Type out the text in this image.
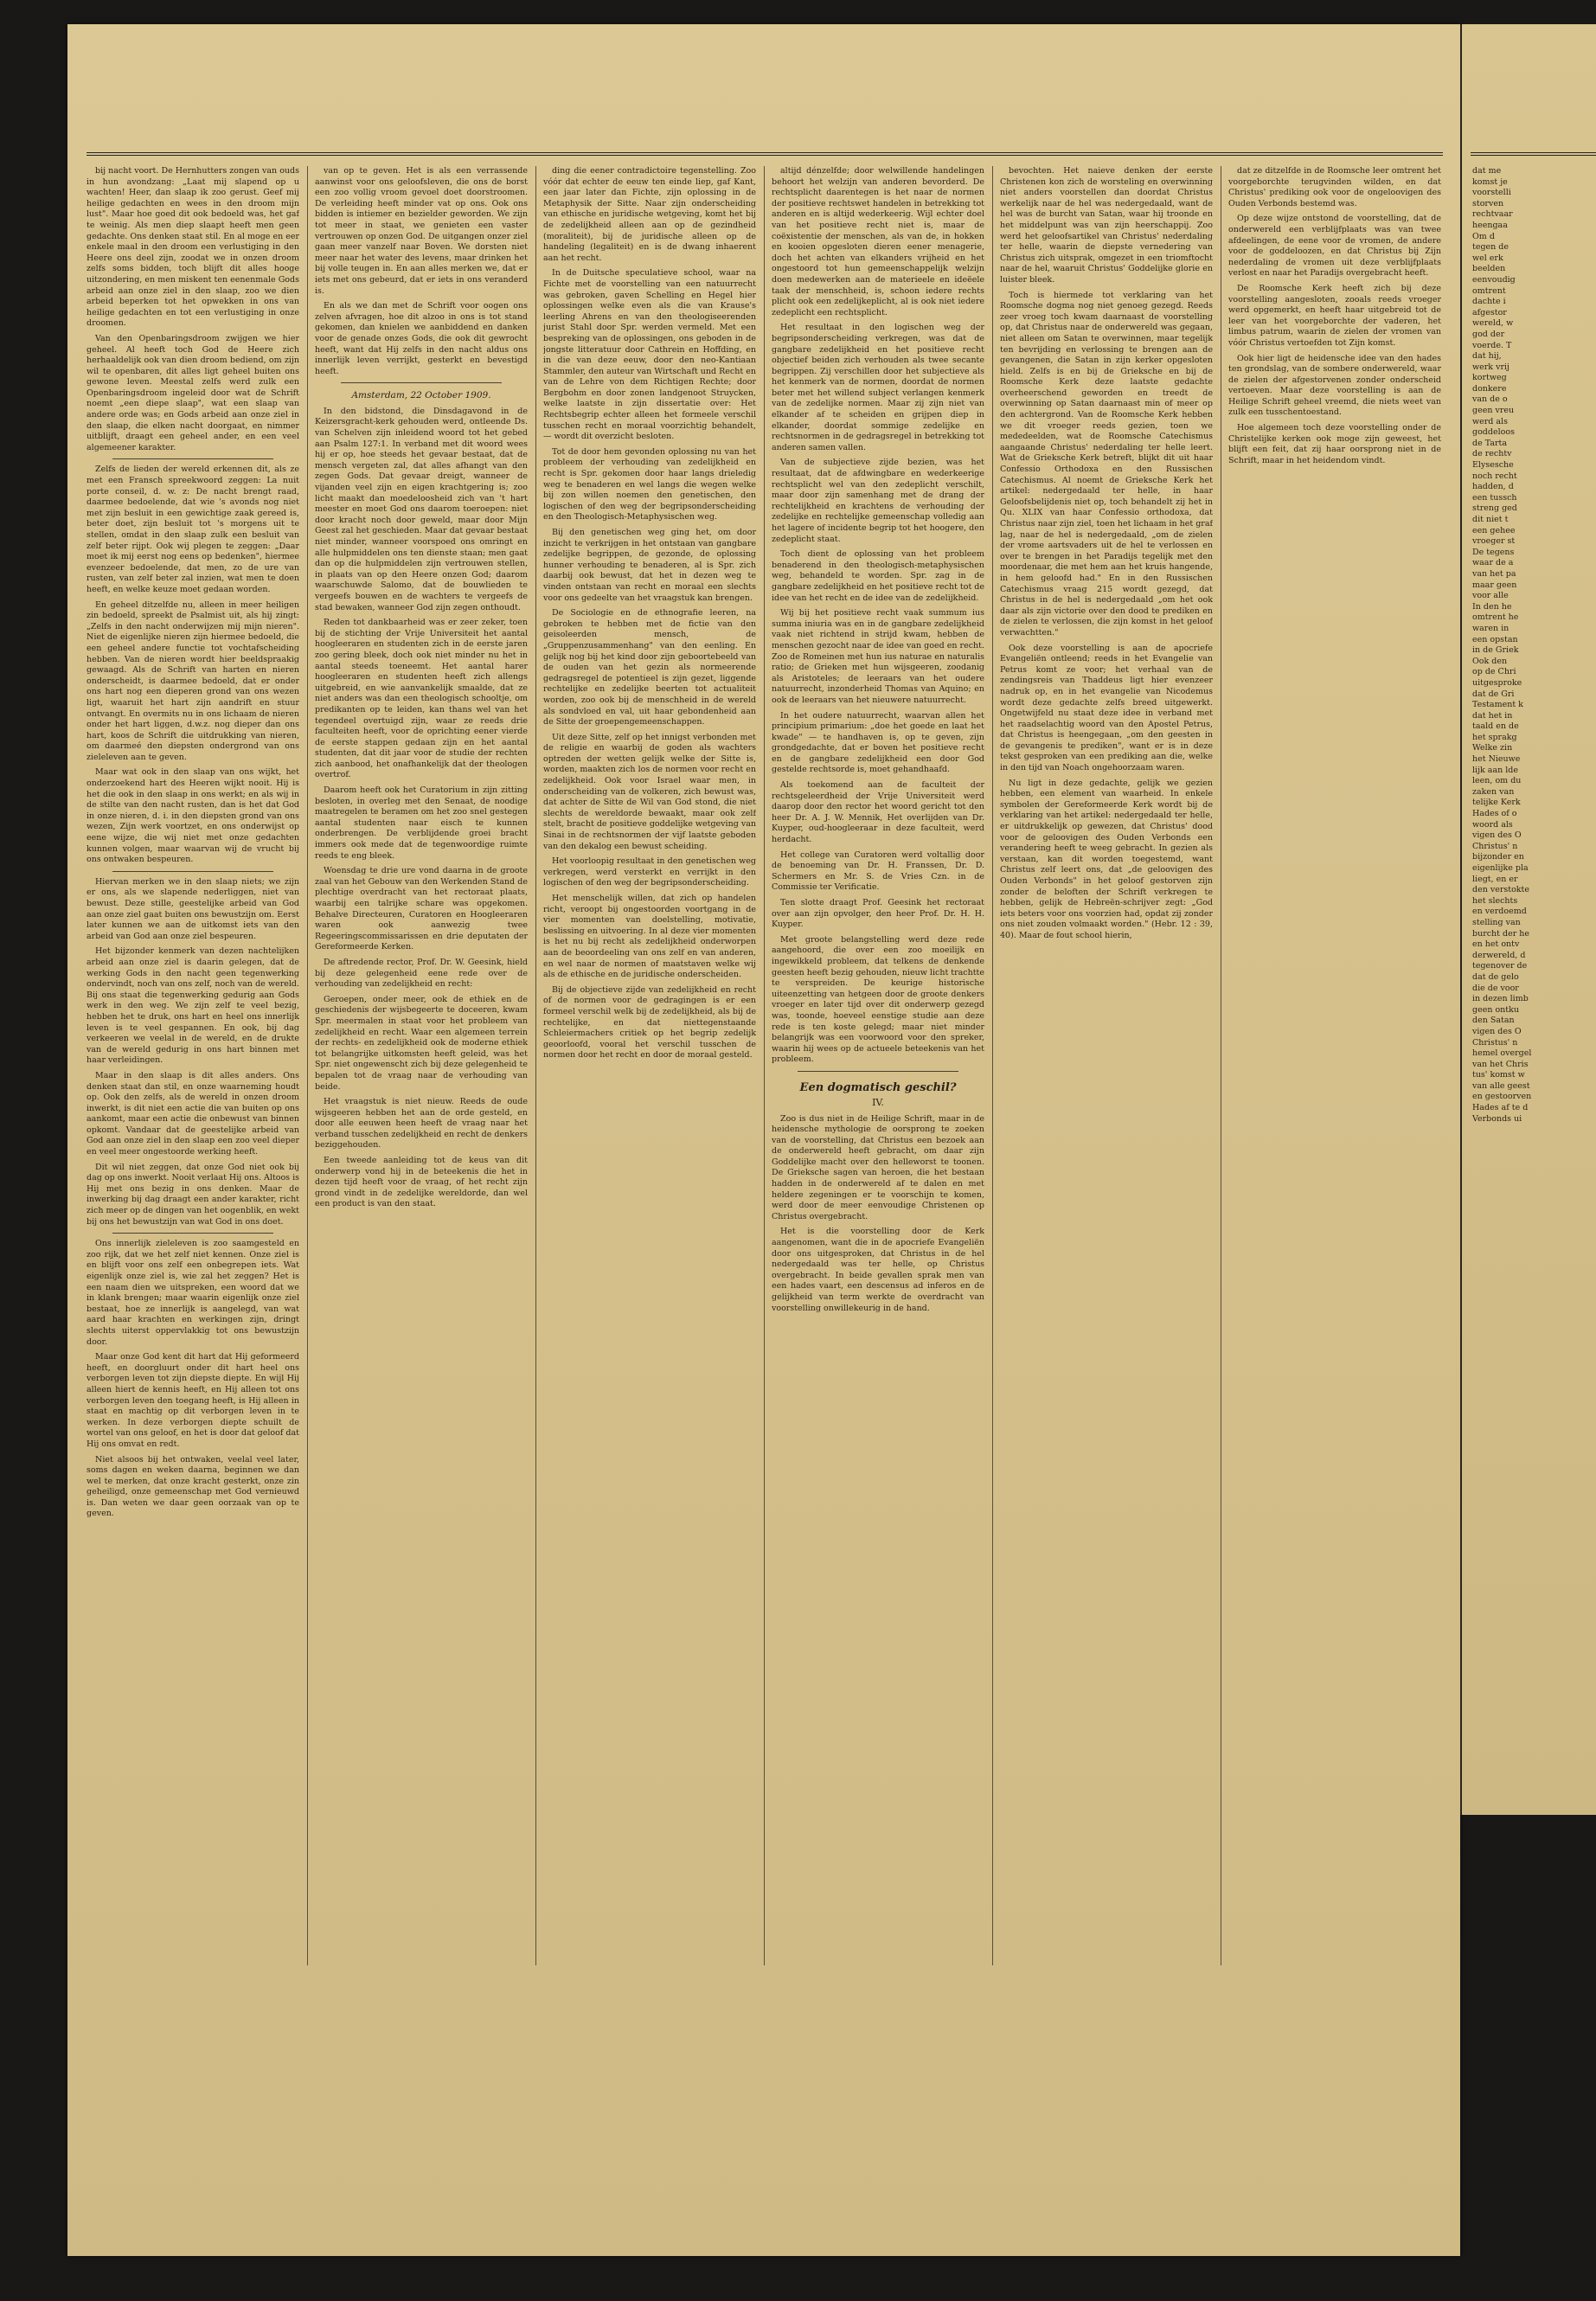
bij nacht voort. De Hernhutters zongen van ouds in hun avondzang: „Laat mij slapend op u wachten! Heer, dan slaap ik zoo gerust. Geef mij heilige gedachten en wees in den droom mijn lust". Maar hoe goed dit ook bedoeld was, het gaf te weinig. Als men diep slaapt heeft men geen gedachte. Ons denken staat stil. En al moge en eer enkele maal in den droom een verlustiging in den Heere ons deel zijn, zoodat we in onzen droom zelfs soms bidden, toch blijft dit alles hooge uitzondering, en men miskent ten eenenmale Gods arbeid aan onze ziel in den slaap, zoo we dien arbeid beperken tot het opwekken in ons van heilige gedachten en tot een verlustiging in onze droomen.

Van den Openbaringsdroom zwijgen we hier geheel. Al heeft toch God de Heere zich herhaaldelijk ook van dien droom bediend, om zijn wil te openbaren, dit alles ligt geheel buiten ons gewone leven. Meestal zelfs werd zulk een Openbaringsdroom ingeleid door wat de Schrift noemt „een diepe slaap", wat een slaap van andere orde was; en Gods arbeid aan onze ziel in den slaap, die elken nacht doorgaat, en nimmer uitblijft, draagt een geheel ander, en een veel algemeener karakter.

Zelfs de lieden der wereld erkennen dit, als ze met een Fransch spreekwoord zeggen: La nuit porte conseil, d. w. z: De nacht brengt raad, daarmee bedoelende, dat wie 's avonds nog niet met zijn besluit in een gewichtige zaak gereed is, beter doet, zijn besluit tot 's morgens uit te stellen, omdat in den slaap zulk een besluit van zelf beter rijpt. Ook wij plegen te zeggen: „Daar moet ik mij eerst nog eens op bedenken", hiermee evenzeer bedoelende, dat men, zo de ure van rusten, van zelf beter zal inzien, wat men te doen heeft, en welke keuze moet gedaan worden.

En geheel ditzelfde nu, alleen in meer heiligen zin bedoeld, spreekt de Psalmist uit, als hij zingt: „Zelfs in den nacht onderwijzen mij mijn nieren". Niet de eigenlijke nieren zijn hiermee bedoeld, die een geheel andere functie tot vochtafscheiding hebben. Van de nieren wordt hier beeldspraakig gewaagd. Als de Schrift van harten en nieren onderscheidt, is daarmee bedoeld, dat er onder ons hart nog een dieperen grond van ons wezen ligt, waaruit het hart zijn aandrift en stuur ontvangt. En overmits nu in ons lichaam de nieren onder het hart liggen, d.w.z. nog dieper dan ons hart, koos de Schrift die uitdrukking van nieren, om daarmeé den diepsten ondergrond van ons zieleleven aan te geven.

Maar wat ook in den slaap van ons wijkt, het onderzoekend hart des Heeren wijkt nooit. Hij is het die ook in den slaap in ons werkt; en als wij in de stilte van den nacht rusten, dan is het dat God in onze nieren, d. i. in den diepsten grond van ons wezen, Zijn werk voortzet, en ons onderwijst op eene wijze, die wij niet met onze gedachten kunnen volgen, maar waarvan wij de vrucht bij ons ontwaken bespeuren.

Hiervan merken we in den slaap niets; we zijn er ons, als we slapende nederliggen, niet van bewust. Deze stille, geestelijke arbeid van God aan onze ziel gaat buiten ons bewustzijn om. Eerst later kunnen we aan de uitkomst iets van den arbeid van God aan onze ziel bespeuren.

Het bijzonder kenmerk van dezen nachtelijken arbeid aan onze ziel is daarin gelegen, dat de werking Gods in den nacht geen tegenwerking ondervindt, noch van ons zelf, noch van de wereld. Bij ons staat die tegenwerking gedurig aan Gods werk in den weg. We zijn zelf te veel bezig, hebben het te druk, ons hart en heel ons innerlijk leven is te veel gespannen. En ook, bij dag verkeeren we veelal in de wereld, en de drukte van de wereld gedurig in ons hart binnen met haar verleidingen.

Maar in den slaap is dit alles anders. Ons denken staat dan stil, en onze waarneming houdt op. Ook den zelfs, als de wereld in onzen droom inwerkt, is dit niet een actie die van buiten op ons aankomt, maar een actie die onbewust van binnen opkomt. Vandaar dat de geestelijke arbeid van God aan onze ziel in den slaap een zoo veel dieper en veel meer ongestoorde werking heeft.

Dit wil niet zeggen, dat onze God niet ook bij dag op ons inwerkt. Nooit verlaat Hij ons. Altoos is Hij met ons bezig in ons denken. Maar de inwerking bij dag draagt een ander karakter, richt zich meer op de dingen van het oogenblik, en wekt bij ons het bewustzijn van wat God in ons doet.

Ons innerlijk zieleleven is zoo saamgesteld en zoo rijk, dat we het zelf niet kennen. Onze ziel is en blijft voor ons zelf een onbegrepen iets. Wat eigenlijk onze ziel is, wie zal het zeggen? Het is een naam dien we uitspreken, een woord dat we in klank brengen; maar waarin eigenlijk onze ziel bestaat, hoe ze innerlijk is aangelegd, van wat aard haar krachten en werkingen zijn, dringt slechts uiterst oppervlakkig tot ons bewustzijn door.

Maar onze God kent dit hart dat Hij geformeerd heeft, en doorgluurt onder dit hart heel ons verborgen leven tot zijn diepste diepte. En wijl Hij alleen hiert de kennis heeft, en Hij alleen tot ons verborgen leven den toegang heeft, is Hij alleen in staat en machtig op dit verborgen leven in te werken. In deze verborgen diepte schuilt de wortel van ons geloof, en het is door dat geloof dat Hij ons omvat en redt.

Niet alsoos bij het ontwaken, veelal veel later, soms dagen en weken daarna, beginnen we dan wel te merken, dat onze kracht gesterkt, onze zin geheiligd, onze gemeenschap met God vernieuwd is. Dan weten we daar geen oorzaak van op te geven.

van op te geven. Het is als een verrassende aanwinst voor ons geloofsleven, die ons de borst een zoo vollig vroom gevoel doet doorstroomen. De verleiding heeft minder vat op ons. Ook ons bidden is intiemer en bezielder geworden. We zijn tot meer in staat, we genieten een vaster vertrouwen op onzen God. De uitgangen onzer ziel gaan meer vanzelf naar Boven. We dorsten niet meer naar het water des levens, maar drinken het bij volle teugen in. En aan alles merken we, dat er iets met ons gebeurd, dat er iets in ons veranderd is.

En als we dan met de Schrift voor oogen ons zelven afvragen, hoe dit alzoo in ons is tot stand gekomen, dan knielen we aanbiddend en danken voor de genade onzes Gods, die ook dit gewrocht heeft, want dat Hij zelfs in den nacht aldus ons innerlijk leven verrijkt, gesterkt en bevestigd heeft.

Amsterdam, 22 October 1909.

In den bidstond, die Dinsdagavond in de Keizersgracht-kerk gehouden werd, ontleende Ds. van Schelven zijn inleidend woord tot het gebed aan Psalm 127:1. In verband met dit woord wees hij er op, hoe steeds het gevaar bestaat, dat de mensch vergeten zal, dat alles afhangt van den zegen Gods. Dat gevaar dreigt, wanneer de vijanden veel zijn en eigen krachtgering is; zoo licht maakt dan moedeloosheid zich van 't hart meester en moet God ons daarom toeroepen: niet door kracht noch door geweld, maar door Mijn Geest zal het geschieden. Maar dat gevaar bestaat niet minder, wanneer voorspoed ons omringt en alle hulpmiddelen ons ten dienste staan; men gaat dan op die hulpmiddelen zijn vertrouwen stellen, in plaats van op den Heere onzen God; daarom waarschuwde Salomo, dat de bouwlieden te vergeefs bouwen en de wachters te vergeefs de stad bewaken, wanneer God zijn zegen onthoudt.

Reden tot dankbaarheid was er zeer zeker, toen bij de stichting der Vrije Universiteit het aantal hoogleeraren en studenten zich in de eerste jaren zoo gering bleek, doch ook niet minder nu het in aantal steeds toeneemt. Het aantal harer hoogleeraren en studenten heeft zich allengs uitgebreid, en wie aanvankelijk smaalde, dat ze niet anders was dan een theologisch schooltje, om predikanten op te leiden, kan thans wel van het tegendeel overtuigd zijn, waar ze reeds drie faculteiten heeft, voor de oprichting eener vierde de eerste stappen gedaan zijn en het aantal studenten, dat dit jaar voor de studie der rechten zich aanbood, het onafhankelijk dat der theologen overtrof.

Daarom heeft ook het Curatorium in zijn zitting besloten, in overleg met den Senaat, de noodige maatregelen te beramen om het zoo snel gestegen aantal studenten naar eisch te kunnen onderbrengen. De verblijdende groei bracht immers ook mede dat de tegenwoordige ruimte reeds te eng bleek.

Woensdag te drie ure vond daarna in de groote zaal van het Gebouw van den Werkenden Stand de plechtige overdracht van het rectoraat plaats, waarbij een talrijke schare was opgekomen. Behalve Directeuren, Curatoren en Hoogleeraren waren ook aanwezig twee Regeeringscommissarissen en drie deputaten der Gereformeerde Kerken.

De aftredende rector, Prof. Dr. W. Geesink, hield bij deze gelegenheid eene rede over de verhouding van zedelijkheid en recht:

Geroepen, onder meer, ook de ethiek en de geschiedenis der wijsbegeerte te doceeren, kwam Spr. meermalen in staat voor het probleem van zedelijkheid en recht. Waar een algemeen terrein der rechts- en zedelijkheid ook de moderne ethiek tot belangrijke uitkomsten heeft geleid, was het Spr. niet ongewenscht zich bij deze gelegenheid te bepalen tot de vraag naar de verhouding van beide.

Het vraagstuk is niet nieuw. Reeds de oude wijsgeeren hebben het aan de orde gesteld, en door alle eeuwen heen heeft de vraag naar het verband tusschen zedelijkheid en recht de denkers beziggehouden.

Een tweede aanleiding tot de keus van dit onderwerp vond hij in de beteekenis die het in dezen tijd heeft voor de vraag, of het recht zijn grond vindt in de zedelijke wereldorde, dan wel een product is van den staat.

ding die eener contradictoire tegenstelling. Zoo vóór dat echter de eeuw ten einde liep, gaf Kant, een jaar later dan Fichte, zijn oplossing in de Metaphysik der Sitte. Naar zijn onderscheiding van ethische en juridische wetgeving, komt het bij de zedelijkheid alleen aan op de gezindheid (moraliteit), bij de juridische alleen op de handeling (legaliteit) en is de dwang inhaerent aan het recht.

In de Duitsche speculatieve school, waar na Fichte met de voorstelling van een natuurrecht was gebroken, gaven Schelling en Hegel hier oplossingen welke even als die van Krause's leerling Ahrens en van den theologiseerenden jurist Stahl door Spr. werden vermeld. Met een bespreking van de oplossingen, ons geboden in de jongste litteratuur door Cathrein en Hoffding, en in die van deze eeuw, door den neo-Kantiaan Stammler, den auteur van Wirtschaft und Recht en van de Lehre von dem Richtigen Rechte; door Bergbohm en door zonen landgenoot Struycken, welke laatste in zijn dissertatie over: Het Rechtsbegrip echter alleen het formeele verschil tusschen recht en moraal voorzichtig behandelt, — wordt dit overzicht besloten.

Tot de door hem gevonden oplossing nu van het probleem der verhouding van zedelijkheid en recht is Spr. gekomen door haar langs drieledig weg te benaderen en wel langs die wegen welke bij zon willen noemen den genetischen, den logischen of den weg der begripsonderscheiding en den Theologisch-Metaphysischen weg.

Bij den genetischen weg ging het, om door inzicht te verkrijgen in het ontstaan van gangbare zedelijke begrippen, de gezonde, de oplossing hunner verhouding te benaderen, al is Spr. zich daarbij ook bewust, dat het in dezen weg te vinden ontstaan van recht en moraal een slechts voor ons gedeelte van het vraagstuk kan brengen.

De Sociologie en de ethnografie leeren, na gebroken te hebben met de fictie van den geisoleerden mensch, de „Gruppenzusammenhang" van den eenling. En gelijk nog bij het kind door zijn geboortebeeld van de ouden van het gezin als normeerende gedragsregel de potentieel is zijn gezet, liggende rechtelijke en zedelijke beerten tot actualiteit worden, zoo ook bij de menschheid in de wereld als sondvloed en val, uit haar gebondenheid aan de Sitte der groepengemeenschappen.

Uit deze Sitte, zelf op het innigst verbonden met de religie en waarbij de goden als wachters optreden der wetten gelijk welke der Sitte is, worden, maakten zich los de normen voor recht en zedelijkheid. Ook voor Israel waar men, in onderscheiding van de volkeren, zich bewust was, dat achter de Sitte de Wil van God stond, die niet slechts de wereldorde bewaakt, maar ook zelf stelt, bracht de positieve goddelijke wetgeving van Sinai in de rechtsnormen der vijf laatste geboden van den dekalog een bewust scheiding.

Het voorloopig resultaat in den genetischen weg verkregen, werd versterkt en verrijkt in den logischen of den weg der begripsonderscheiding.

Het menschelijk willen, dat zich op handelen richt, veroopt bij ongestoorden voortgang in de vier momenten van doelstelling, motivatie, beslissing en uitvoering. In al deze vier momenten is het nu bij recht als zedelijkheid onderworpen aan de beoordeeling van ons zelf en van anderen, en wel naar de normen of maatstaven welke wij als de ethische en de juridische onderscheiden.

Bij de objectieve zijde van zedelijkheid en recht of de normen voor de gedragingen is er een formeel verschil welk bij de zedelijkheid, als bij de rechtelijke, en dat niettegenstaande Schleiermachers critiek op het begrip zedelijk geoorloofd, vooral het verschil tusschen de normen door het recht en door de moraal gesteld.

altijd dénzelfde; door welwillende handelingen behoort het welzijn van anderen bevorderd. De rechtsplicht daarentegen is het naar de normen der positieve rechtswet handelen in betrekking tot anderen en is altijd wederkeerig. Wijl echter doel van het positieve recht niet is, maar de coëxistentie der menschen, als van de, in hokken en kooien opgesloten dieren eener menagerie, doch het achten van elkanders vrijheid en het ongestoord tot hun gemeenschappelijk welzijn doen medewerken aan de materieele en ideëele taak der menschheid, is, schoon iedere rechts plicht ook een zedelijkeplicht, al is ook niet iedere zedeplicht een rechtsplicht.

Het resultaat in den logischen weg der begripsonderscheiding verkregen, was dat de gangbare zedelijkheid en het positieve recht objectief beiden zich verhouden als twee secante begrippen. Zij verschillen door het subjectieve als het kenmerk van de normen, doordat de normen beter met het willend subject verlangen kenmerk van de zedelijke normen. Maar zij zijn niet van elkander af te scheiden en grijpen diep in elkander, doordat sommige zedelijke en rechtsnormen in de gedragsregel in betrekking tot anderen samen vallen.

Van de subjectieve zijde bezien, was het resultaat, dat de afdwingbare en wederkeerige rechtsplicht wel van den zedeplicht verschilt, maar door zijn samenhang met de drang der rechtelijkheid en krachtens de verhouding der zedelijke en rechtelijke gemeenschap volledig aan het lagere of incidente begrip tot het hoogere, den zedeplicht staat.

Toch dient de oplossing van het probleem benaderend in den theologisch-metaphysischen weg, behandeld te worden. Spr. zag in de gangbare zedelijkheid en het positieve recht tot de idee van het recht en de idee van de zedelijkheid.

Wij bij het positieve recht vaak summum ius summa iniuria was en in de gangbare zedelijkheid vaak niet richtend in strijd kwam, hebben de menschen gezocht naar de idee van goed en recht. Zoo de Romeinen met hun ius naturae en naturalis ratio; de Grieken met hun wijsgeeren, zoodanig als Aristoteles; de leeraars van het oudere natuurrecht, inzonderheid Thomas van Aquino; en ook de leeraars van het nieuwere natuurrecht.

In het oudere natuurrecht, waarvan allen het principium primarium: „doe het goede en laat het kwade" — te handhaven is, op te geven, zijn grondgedachte, dat er boven het positieve recht en de gangbare zedelijkheid een door God gestelde rechtsorde is, moet gehandhaafd.

Als toekomend aan de faculteit der rechtsgeleerdheid der Vrije Universiteit werd daarop door den rector het woord gericht tot den heer Dr. A. J. W. Mennik, Het overlijden van Dr. Kuyper, oud-hoogleeraar in deze faculteit, werd herdacht.

Het college van Curatoren werd voltallig door de benoeming van Dr. H. Franssen, Dr. D. Schermers en Mr. S. de Vries Czn. in de Commissie ter Verificatie.

Ten slotte draagt Prof. Geesink het rectoraat over aan zijn opvolger, den heer Prof. Dr. H. H. Kuyper.

Met groote belangstelling werd deze rede aangehoord, die over een zoo moeilijk en ingewikkeld probleem, dat telkens de denkende geesten heeft bezig gehouden, nieuw licht trachtte te verspreiden. De keurige historische uiteenzetting van hetgeen door de groote denkers vroeger en later tijd over dit onderwerp gezegd was, toonde, hoeveel eenstige studie aan deze rede is ten koste gelegd; maar niet minder belangrijk was een voorwoord voor den spreker, waarin hij wees op de actueele beteekenis van het probleem.

Een dogmatisch geschil?
IV.

Zoo is dus niet in de Heilige Schrift, maar in de heidensche mythologie de oorsprong te zoeken van de voorstelling, dat Christus een bezoek aan de onderwereld heeft gebracht, om daar zijn Goddelijke macht over den helleworst te toonen. De Grieksche sagen van heroen, die het bestaan hadden in de onderwereld af te dalen en met heldere zegeningen er te voorschijn te komen, werd door de meer eenvoudige Christenen op Christus overgebracht.

Het is die voorstelling door de Kerk aangenomen, want die in de apocriefe Evangeliën door ons uitgesproken, dat Christus in de hel nedergedaald was ter helle, op Christus overgebracht. In beide gevallen sprak men van een hades vaart, een descensus ad inferos en de gelijkheid van term werkte de overdracht van voorstelling onwillekeurig in de hand.

bevochten. Het naieve denken der eerste Christenen kon zich de worsteling en overwinning niet anders voorstellen dan doordat Christus werkelijk naar de hel was nedergedaald, want de hel was de burcht van Satan, waar hij troonde en het middelpunt was van zijn heerschappij. Zoo werd het geloofsartikel van Christus' nederdaling ter helle, waarin de diepste vernedering van Christus zich uitsprak, omgezet in een triomftocht naar de hel, waaruit Christus' Goddelijke glorie en luister bleek.

Toch is hiermede tot verklaring van het Roomsche dogma nog niet genoeg gezegd. Reeds zeer vroeg toch kwam daarnaast de voorstelling op, dat Christus naar de onderwereld was gegaan, niet alleen om Satan te overwinnen, maar tegelijk ten bevrijding en verlossing te brengen aan de gevangenen, die Satan in zijn kerker opgesloten hield. Zelfs is en bij de Grieksche en bij de Roomsche Kerk deze laatste gedachte overheerschend geworden en treedt de overwinning op Satan daarnaast min of meer op den achtergrond. Van de Roomsche Kerk hebben we dit vroeger reeds gezien, toen we mededeelden, wat de Roomsche Catechismus aangaande Christus' nederdaling ter helle leert. Wat de Grieksche Kerk betreft, blijkt dit uit haar Confessio Orthodoxa en den Russischen Catechismus. Al noemt de Grieksche Kerk het artikel: nedergedaald ter helle, in haar Geloofsbelijdenis niet op, toch behandelt zij het in Qu. XLIX van haar Confessio orthodoxa, dat Christus naar zijn ziel, toen het lichaam in het graf lag, naar de hel is nedergedaald, „om de zielen der vrome aartsvaders uit de hel te verlossen en over te brengen in het Paradijs tegelijk met den moordenaar, die met hem aan het kruis hangende, in hem geloofd had." En in den Russischen Catechismus vraag 215 wordt gezegd, dat Christus in de hel is nedergedaald „om het ook daar als zijn victorie over den dood te prediken en de zielen te verlossen, die zijn komst in het geloof verwachtten."

Ook deze voorstelling is aan de apocriefe Evangeliën ontleend; reeds in het Evangelie van Petrus komt ze voor; het verhaal van de zendingsreis van Thaddeus ligt hier evenzeer nadruk op, en in het evangelie van Nicodemus wordt deze gedachte zelfs breed uitgewerkt. Ongetwijfeld nu staat deze idee in verband met het raadselachtig woord van den Apostel Petrus, dat Christus is heengegaan, „om den geesten in de gevangenis te prediken", want er is in deze tekst gesproken van een prediking aan die, welke in den tijd van Noach ongehoorzaam waren.

Nu ligt in deze gedachte, gelijk we gezien hebben, een element van waarheid. In enkele symbolen der Gereformeerde Kerk wordt bij de verklaring van het artikel: nedergedaald ter helle, er uitdrukkelijk op gewezen, dat Christus' dood voor de geloovigen des Ouden Verbonds een verandering heeft te weeg gebracht. In gezien als verstaan, kan dit worden toegestemd, want Christus zelf leert ons, dat „de geloovigen des Ouden Verbonds" in het geloof gestorven zijn zonder de beloften der Schrift verkregen te hebben, gelijk de Hebreën-schrijver zegt: „God iets beters voor ons voorzien had, opdat zij zonder ons niet zouden volmaakt worden." (Hebr. 12 : 39, 40). Maar de fout school hierin,

dat ze ditzelfde in de Roomsche leer omtrent het voorgeborchte terugvinden wilden, en dat Christus' prediking ook voor de ongeloovigen des Ouden Verbonds bestemd was.

Op deze wijze ontstond de voorstelling, dat de onderwereld een verblijfplaats was van twee afdeelingen, de eene voor de vromen, de andere voor de goddeloozen, en dat Christus bij Zijn nederdaling de vromen uit deze verblijfplaats verlost en naar het Paradijs overgebracht heeft.

De Roomsche Kerk heeft zich bij deze voorstelling aangesloten, zooals reeds vroeger werd opgemerkt, en heeft haar uitgebreid tot de leer van het voorgeborchte der vaderen, het limbus patrum, waarin de zielen der vromen van vóór Christus vertoefden tot Zijn komst.

Ook hier ligt de heidensche idee van den hades ten grondslag, van de sombere onderwereld, waar de zielen der afgestorvenen zonder onderscheid vertoeven. Maar deze voorstelling is aan de Heilige Schrift geheel vreemd, die niets weet van zulk een tusschentoestand.

Hoe algemeen toch deze voorstelling onder de Christelijke kerken ook moge zijn geweest, het blijft een feit, dat zij haar oorsprong niet in de Schrift, maar in het heidendom vindt.

dat me
komst je
voorstelli
storven
rechtvaar
heengaa
Om d
tegen de
wel erk
beelden
eenvoudig
omtrent
dachte i
afgestor
wereld, w
god der
voerde. T
dat hij,
werk vrij
kortweg
donkere
van de o
geen vreu
werd als
goddeloos
de Tarta
de rechtv
Elysesche
noch recht
hadden, d
een tussch
streng ged
dit niet t
een gehee
vroeger st
De tegens
waar de a
van het pa
maar geen
voor alle
In den he
omtrent he
waren in
een opstan
in de Griek
Ook den
op de Chri
uitgesproke
dat de Gri
Testament k
dat het in
taald en de
het sprakg
Welke zin
het Nieuwe
lijk aan lde
leen, om du
zaken van
telijke Kerk
Hades of o
woord als
vigen des O
Christus' n
bijzonder en
eigenlijke pla
liegt, en er
den verstokte
het slechts
en verdoemd
stelling van
burcht der he
en het ontv
derwereld, d
tegenover de
dat de gelo
die de voor
in dezen limb
geen ontku
den Satan
vigen des O
Christus' n
hemel overgel
van het Chris
tus' komst w
van alle geest
en gestoorven
Hades af te d
Verbonds ui
